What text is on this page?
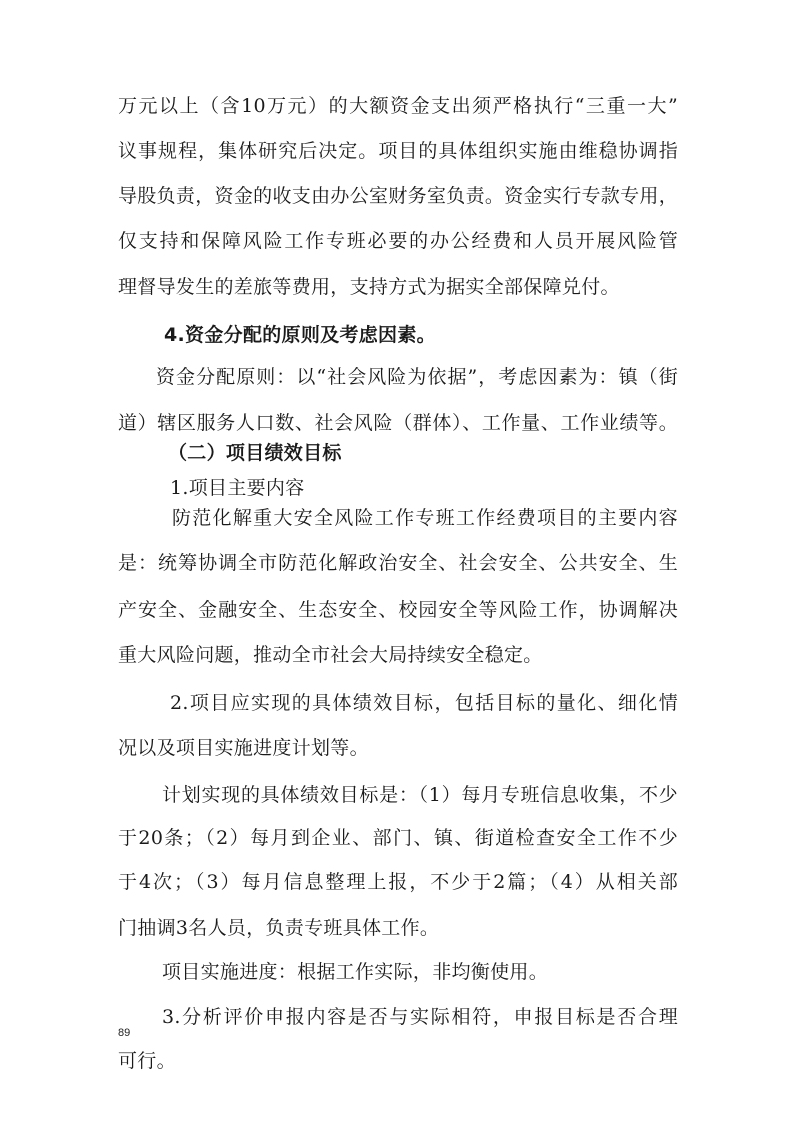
万元以上（含10万元）的大额资金支出须严格执行“三重一大”
议事规程，集体研究后决定。项目的具体组织实施由维稳协调指
导股负责，资金的收支由办公室财务室负责。资金实行专款专用，
仅支持和保障风险工作专班必要的办公经费和人员开展风险管
理督导发生的差旅等费用，支持方式为据实全部保障兑付。
4.资金分配的原则及考虑因素。
资金分配原则：以“社会风险为依据”，考虑因素为：镇（街
道）辖区服务人口数、社会风险（群体）、工作量、工作业绩等。
（二）项目绩效目标
1.项目主要内容
防范化解重大安全风险工作专班工作经费项目的主要内容
是：统筹协调全市防范化解政治安全、社会安全、公共安全、生
产安全、金融安全、生态安全、校园安全等风险工作，协调解决
重大风险问题，推动全市社会大局持续安全稳定。
2.项目应实现的具体绩效目标，包括目标的量化、细化情
况以及项目实施进度计划等。
计划实现的具体绩效目标是：（1）每月专班信息收集，不少
于20条；（2）每月到企业、部门、镇、街道检查安全工作不少
于4次；（3）每月信息整理上报，不少于2篇；（4）从相关部
门抽调3名人员，负责专班具体工作。
89
项目实施进度：根据工作实际，非均衡使用。
3.分析评价申报内容是否与实际相符，申报目标是否合理
可行。
